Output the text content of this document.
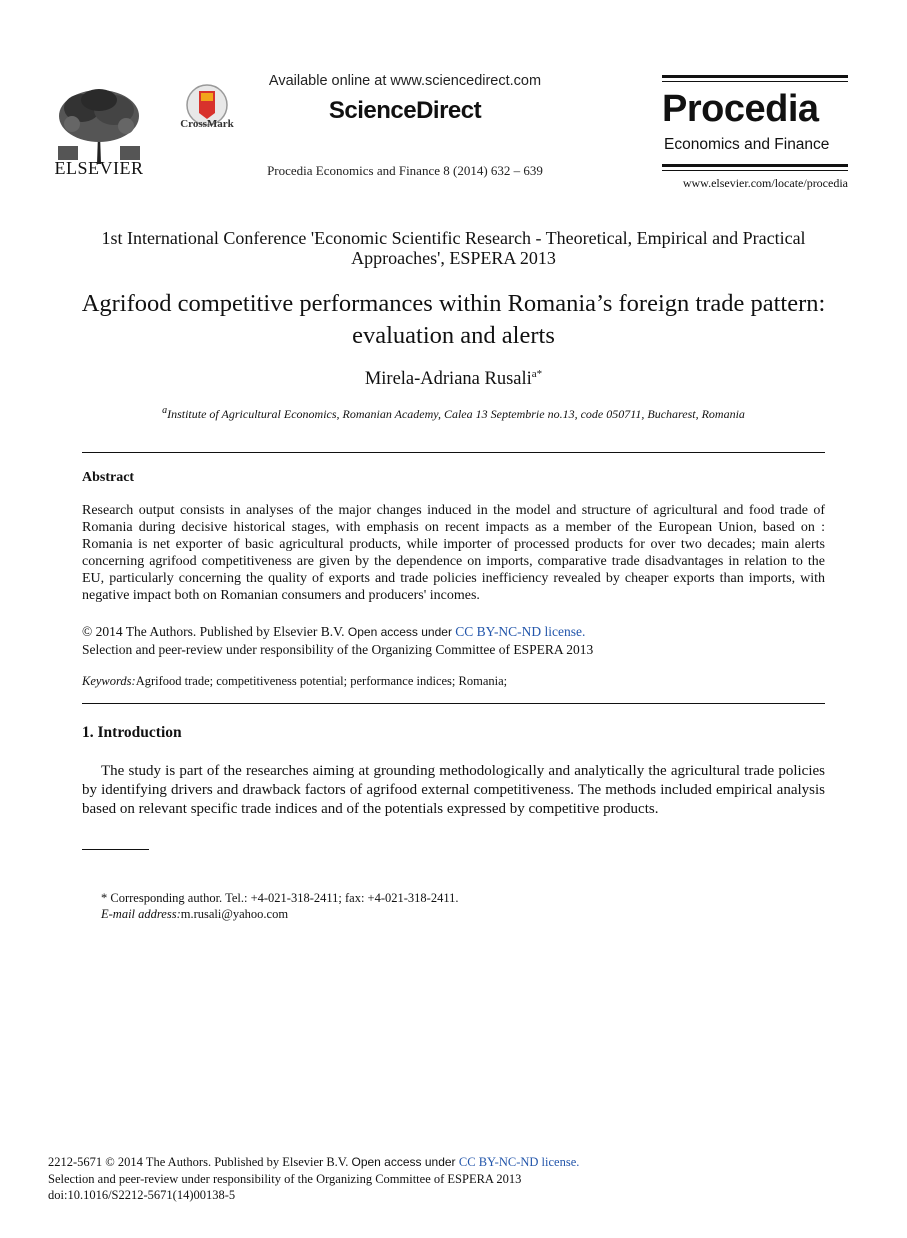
ELSEVIER
CrossMark
Available online at www.sciencedirect.com
ScienceDirect
Procedia Economics and Finance 8 (2014) 632 – 639
Procedia
Economics and Finance
www.elsevier.com/locate/procedia
1st International Conference 'Economic Scientific Research - Theoretical, Empirical and Practical Approaches', ESPERA 2013
Agrifood competitive performances within Romania’s foreign trade pattern: evaluation and alerts
Mirela-Adriana Rusali$^{a*}$
$^a$Institute of Agricultural Economics, Romanian Academy, Calea 13 Septembrie no.13, code 050711, Bucharest, Romania
Abstract
Research output consists in analyses of the major changes induced in the model and structure of agricultural and food trade of Romania during decisive historical stages, with emphasis on recent impacts as a member of the European Union, based on : Romania is net exporter of basic agricultural products, while importer of processed products for over two decades; main alerts concerning agrifood competitiveness are given by the dependence on imports, comparative trade disadvantages in relation to the EU, particularly concerning the quality of exports and trade policies inefficiency revealed by cheaper exports than imports, with negative impact both on Romanian consumers and producers' incomes.
© 2014 The Authors. Published by Elsevier B.V. Open access under CC BY-NC-ND license.
Selection and peer-review under responsibility of the Organizing Committee of ESPERA 2013
Keywords:Agrifood trade; competitiveness potential; performance indices; Romania;
1. Introduction
The study is part of the researches aiming at grounding methodologically and analytically the agricultural trade policies by identifying drivers and drawback factors of agrifood external competitiveness. The methods included empirical analysis based on relevant specific trade indices and of the potentials expressed by competitive products.
* Corresponding author. Tel.: +4-021-318-2411; fax: +4-021-318-2411.
E-mail address:m.rusali@yahoo.com
2212-5671 © 2014 The Authors. Published by Elsevier B.V. Open access under CC BY-NC-ND license.
Selection and peer-review under responsibility of the Organizing Committee of ESPERA 2013
doi:10.1016/S2212-5671(14)00138-5
